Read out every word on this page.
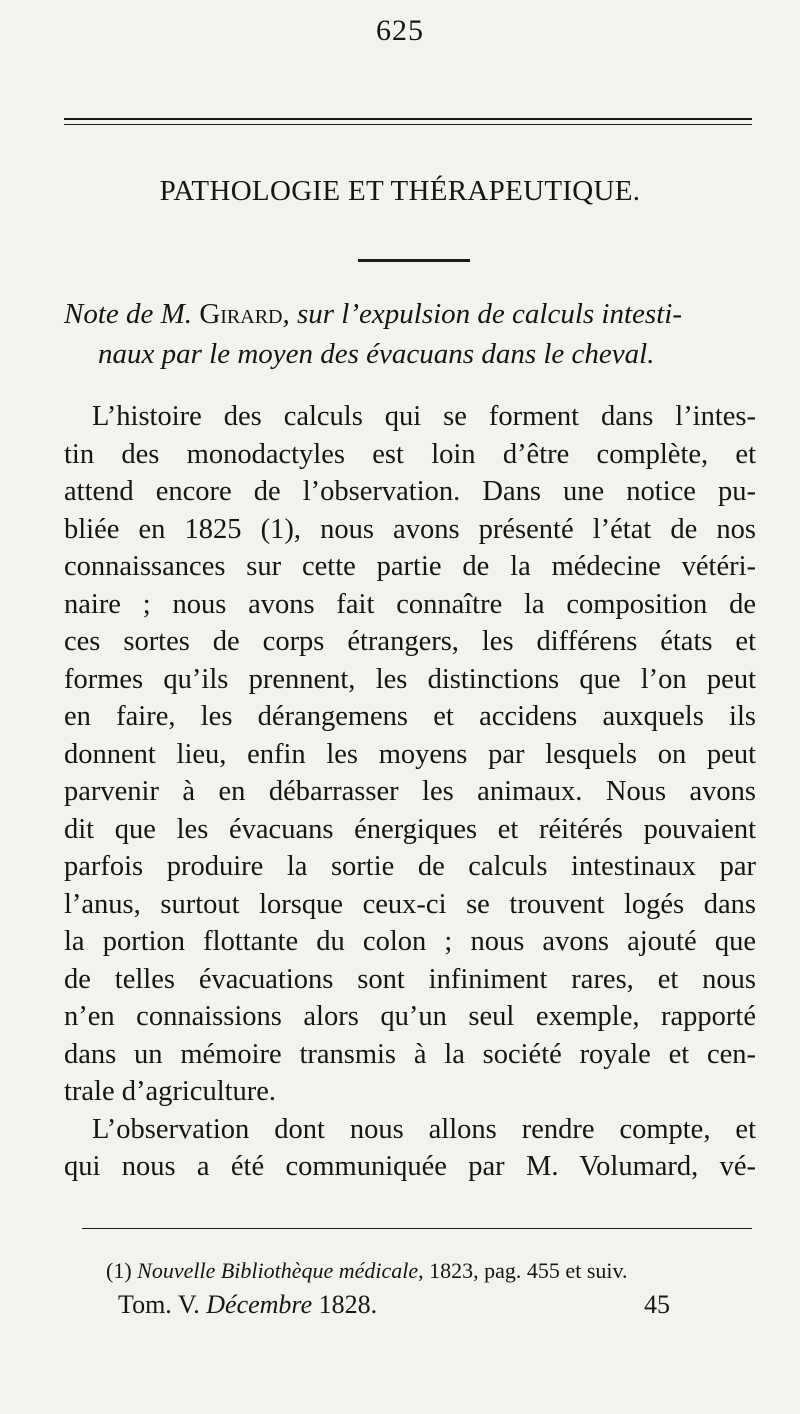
625
PATHOLOGIE ET THÉRAPEUTIQUE.
Note de M. Girard, sur l’expulsion de calculs intesti-
naux par le moyen des évacuans dans le cheval.
L’histoire des calculs qui se forment dans l’intes-
tin des monodactyles est loin d’être complète, et
attend encore de l’observation. Dans une notice pu-
bliée en 1825 (1), nous avons présenté l’état de nos
connaissances sur cette partie de la médecine vétéri-
naire ; nous avons fait connaître la composition de
ces sortes de corps étrangers, les différens états et
formes qu’ils prennent, les distinctions que l’on peut
en faire, les dérangemens et accidens auxquels ils
donnent lieu, enfin les moyens par lesquels on peut
parvenir à en débarrasser les animaux. Nous avons
dit que les évacuans énergiques et réitérés pouvaient
parfois produire la sortie de calculs intestinaux par
l’anus, surtout lorsque ceux-ci se trouvent logés dans
la portion flottante du colon ; nous avons ajouté que
de telles évacuations sont infiniment rares, et nous
n’en connaissions alors qu’un seul exemple, rapporté
dans un mémoire transmis à la société royale et cen-
trale d’agriculture.
L’observation dont nous allons rendre compte, et
qui nous a été communiquée par M. Volumard, vé-
(1) Nouvelle Bibliothèque médicale, 1823, pag. 455 et suiv.
Tom. V. Décembre 1828.	45
